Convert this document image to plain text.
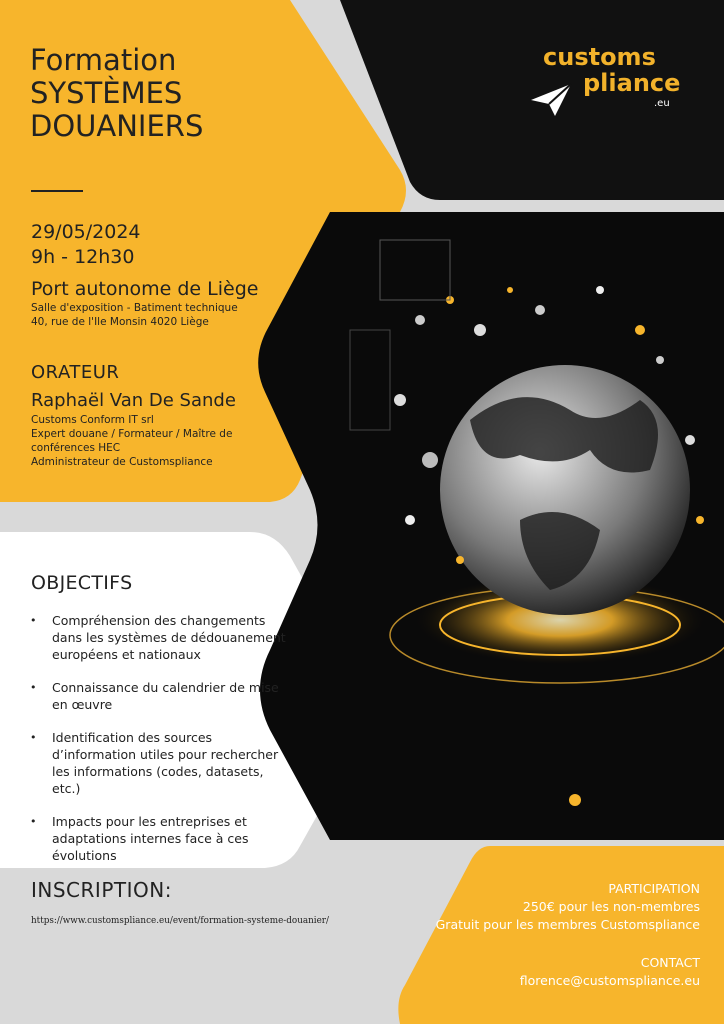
customs
pliance
.eu
Formation
SYSTÈMES
DOUANIERS
29/05/2024
9h - 12h30
Port autonome de Liège
Salle d'exposition - Batiment technique
40, rue de l'Ile Monsin 4020 Liège
ORATEUR
Raphaël Van De Sande
Customs Conform IT srl
Expert douane / Formateur / Maître de
conférences HEC
Administrateur de Customspliance
OBJECTIFS
• Compréhension des changements dans les systèmes de dédouanement européens et nationaux
• Connaissance du calendrier de mise en œuvre
• Identification des sources d’information utiles pour rechercher les informations (codes, datasets, etc.)
• Impacts pour les entreprises et adaptations internes face à ces évolutions
INSCRIPTION:
https://www.customspliance.eu/event/formation-systeme-douanier/
PARTICIPATION
250€ pour les non-membres
Gratuit pour les membres Customspliance
CONTACT
florence@customspliance.eu
